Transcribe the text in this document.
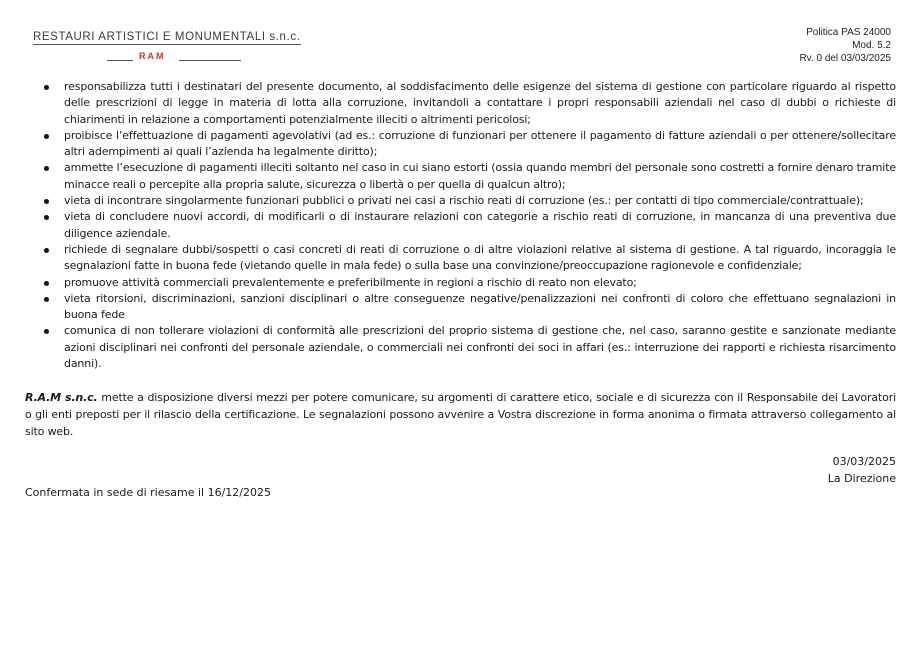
RESTAURI ARTISTICI E MONUMENTALI s.n.c.
RAM
Politica PAS 24000
Mod. 5.2
Rv. 0 del 03/03/2025
responsabilizza tutti i destinatari del presente documento, al soddisfacimento delle esigenze del sistema di gestione con particolare riguardo al rispetto delle prescrizioni di legge in materia di lotta alla corruzione, invitandoli a contattare i propri responsabili aziendali nel caso di dubbi o richieste di chiarimenti in relazione a comportamenti potenzialmente illeciti o altrimenti pericolosi;
proibisce l’effettuazione di pagamenti agevolativi (ad es.: corruzione di funzionari per ottenere il pagamento di fatture aziendali o per ottenere/sollecitare altri adempimenti ai quali l’azienda ha legalmente diritto);
ammette l’esecuzione di pagamenti illeciti soltanto nel caso in cui siano estorti (ossia quando membri del personale sono costretti a fornire denaro tramite minacce reali o percepite alla propria salute, sicurezza o libertà o per quella di qualcun altro);
vieta di incontrare singolarmente funzionari pubblici o privati nei casi a rischio reati di corruzione (es.: per contatti di tipo commerciale/contrattuale);
vieta di concludere nuovi accordi, di modificarli o di instaurare relazioni con categorie a rischio reati di corruzione, in mancanza di una preventiva due diligence aziendale.
richiede di segnalare dubbi/sospetti o casi concreti di reati di corruzione o di altre violazioni relative al sistema di gestione. A tal riguardo, incoraggia le segnalazioni fatte in buona fede (vietando quelle in mala fede) o sulla base una convinzione/preoccupazione ragionevole e confidenziale;
promuove attività commerciali prevalentemente e preferibilmente in regioni a rischio di reato non elevato;
vieta ritorsioni, discriminazioni, sanzioni disciplinari o altre conseguenze negative/penalizzazioni nei confronti di coloro che effettuano segnalazioni in buona fede
comunica di non tollerare violazioni di conformità alle prescrizioni del proprio sistema di gestione che, nel caso, saranno gestite e sanzionate mediante azioni disciplinari nei confronti del personale aziendale, o commerciali nei confronti dei soci in affari (es.: interruzione dei rapporti e richiesta risarcimento danni).
R.A.M s.n.c. mette a disposizione diversi mezzi per potere comunicare, su argomenti di carattere etico, sociale e di sicurezza con il Responsabile dei Lavoratori o gli enti preposti per il rilascio della certificazione. Le segnalazioni possono avvenire a Vostra discrezione in forma anonima o firmata attraverso collegamento al sito web.
03/03/2025
La Direzione
Confermata in sede di riesame il 16/12/2025
